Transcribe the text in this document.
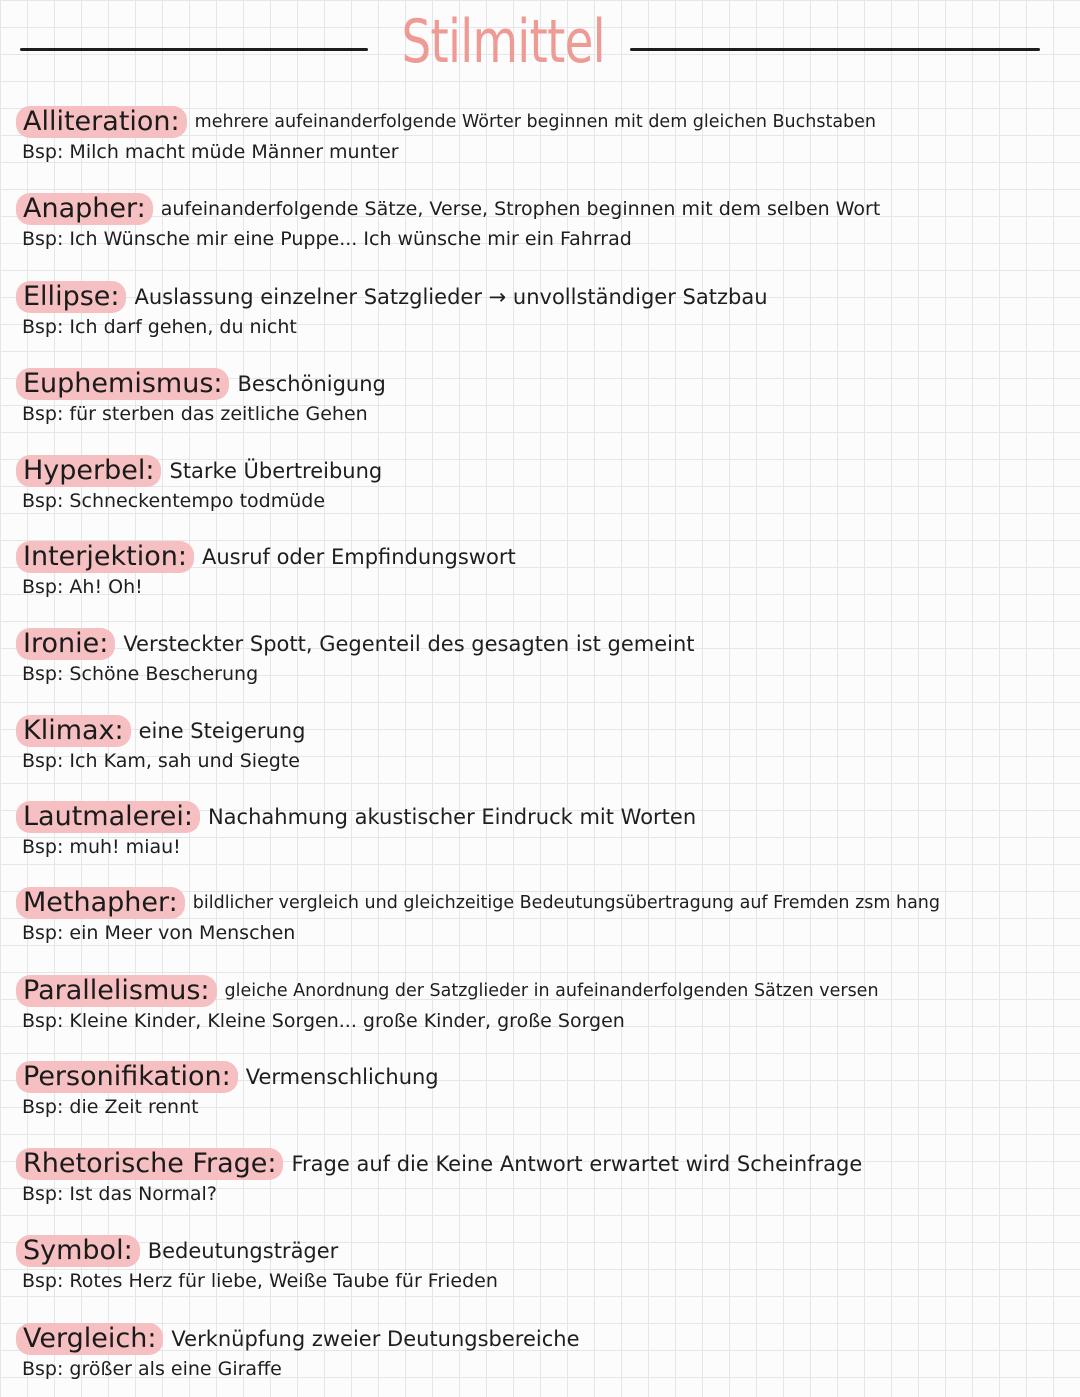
Stilmittel
Alliteration: mehrere aufeinanderfolgende Wörter beginnen mit dem gleichen Buchstaben
Bsp: Milch macht müde Männer munter
Anapher: aufeinanderfolgende Sätze, Verse, Strophen beginnen mit dem selben Wort
Bsp: Ich Wünsche mir eine Puppe... Ich wünsche mir ein Fahrrad
Ellipse: Auslassung einzelner Satzglieder → unvollständiger Satzbau
Bsp: Ich darf gehen, du nicht
Euphemismus: Beschönigung
Bsp: für sterben das zeitliche Gehen
Hyperbel: Starke Übertreibung
Bsp: Schneckentempo todmüde
Interjektion: Ausruf oder Empfindungswort
Bsp: Ah! Oh!
Ironie: Versteckter Spott, Gegenteil des gesagten ist gemeint
Bsp: Schöne Bescherung
Klimax: eine Steigerung
Bsp: Ich Kam, sah und Siegte
Lautmalerei: Nachahmung akustischer Eindruck mit Worten
Bsp: muh! miau!
Methapher: bildlicher vergleich und gleichzeitige Bedeutungsübertragung auf Fremden zsm hang
Bsp: ein Meer von Menschen
Parallelismus: gleiche Anordnung der Satzglieder in aufeinanderfolgenden Sätzen versen
Bsp: Kleine Kinder, Kleine Sorgen... große Kinder, große Sorgen
Personifikation: Vermenschlichung
Bsp: die Zeit rennt
Rhetorische Frage: Frage auf die Keine Antwort erwartet wird Scheinfrage
Bsp: Ist das Normal?
Symbol: Bedeutungsträger
Bsp: Rotes Herz für liebe, Weiße Taube für Frieden
Vergleich: Verknüpfung zweier Deutungsbereiche
Bsp: größer als eine Giraffe
